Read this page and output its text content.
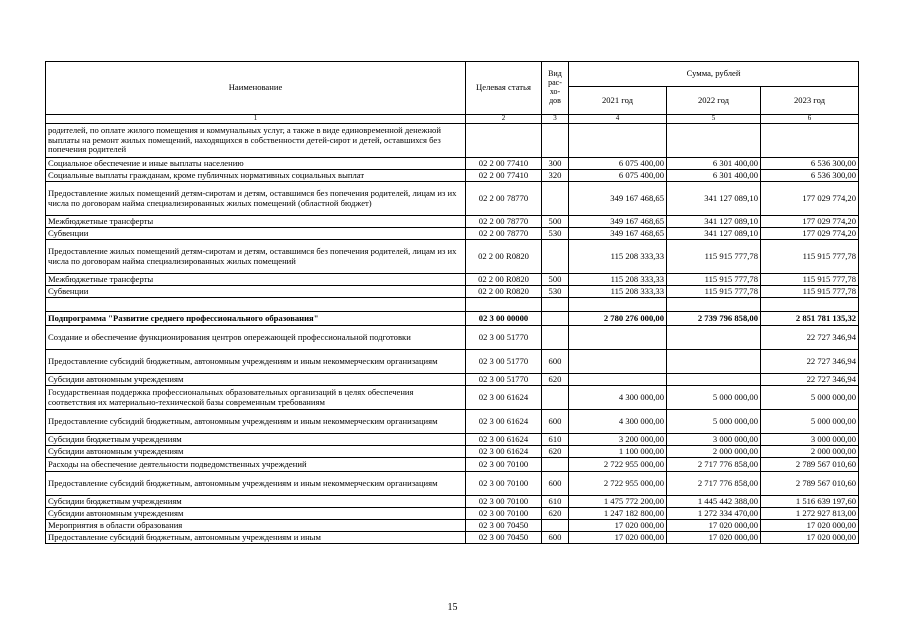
Наименование	Целевая статья	Вид рас-хо-дов	Сумма, рублей		
			2021 год	2022 год	2023 год
1	2	3	4	5	6
родителей, по оплате жилого помещения и коммунальных услуг, а также в виде единовременной денежной выплаты на ремонт жилых помещений, находящихся в собственности детей-сирот и детей, оставшихся без попечения родителей					
Социальное обеспечение и иные выплаты населению	02 2 00 77410	300	6 075 400,00	6 301 400,00	6 536 300,00
Социальные выплаты гражданам, кроме публичных нормативных социальных выплат	02 2 00 77410	320	6 075 400,00	6 301 400,00	6 536 300,00
Предоставление жилых помещений детям-сиротам и детям, оставшимся без попечения родителей, лицам из их числа по договорам найма специализированных жилых помещений (областной бюджет)	02 2 00 78770		349 167 468,65	341 127 089,10	177 029 774,20
Межбюджетные трансферты	02 2 00 78770	500	349 167 468,65	341 127 089,10	177 029 774,20
Субвенции	02 2 00 78770	530	349 167 468,65	341 127 089,10	177 029 774,20
Предоставление жилых помещений детям-сиротам и детям, оставшимся без попечения родителей, лицам из их числа по договорам найма специализированных жилых помещений	02 2 00 R0820		115 208 333,33	115 915 777,78	115 915 777,78
Межбюджетные трансферты	02 2 00 R0820	500	115 208 333,33	115 915 777,78	115 915 777,78
Субвенции	02 2 00 R0820	530	115 208 333,33	115 915 777,78	115 915 777,78

Подпрограмма "Развитие среднего профессионального образования"	02 3 00 00000		2 780 276 000,00	2 739 796 858,00	2 851 781 135,32
Создание и обеспечение функционирования центров опережающей профессиональной подготовки	02 3 00 51770				22 727 346,94
Предоставление субсидий бюджетным, автономным учреждениям и иным некоммерческим организациям	02 3 00 51770	600			22 727 346,94
Субсидии автономным учреждениям	02 3 00 51770	620			22 727 346,94
Государственная поддержка профессиональных образовательных организаций в целях обеспечения соответствия их материально-технической базы современным требованиям	02 3 00 61624		4 300 000,00	5 000 000,00	5 000 000,00
Предоставление субсидий бюджетным, автономным учреждениям и иным некоммерческим организациям	02 3 00 61624	600	4 300 000,00	5 000 000,00	5 000 000,00
Субсидии бюджетным учреждениям	02 3 00 61624	610	3 200 000,00	3 000 000,00	3 000 000,00
Субсидии автономным учреждениям	02 3 00 61624	620	1 100 000,00	2 000 000,00	2 000 000,00
Расходы на обеспечение деятельности подведомственных учреждений	02 3 00 70100		2 722 955 000,00	2 717 776 858,00	2 789 567 010,60
Предоставление субсидий бюджетным, автономным учреждениям и иным некоммерческим организациям	02 3 00 70100	600	2 722 955 000,00	2 717 776 858,00	2 789 567 010,60
Субсидии бюджетным учреждениям	02 3 00 70100	610	1 475 772 200,00	1 445 442 388,00	1 516 639 197,60
Субсидии автономным учреждениям	02 3 00 70100	620	1 247 182 800,00	1 272 334 470,00	1 272 927 813,00
Мероприятия в области образования	02 3 00 70450		17 020 000,00	17 020 000,00	17 020 000,00
Предоставление субсидий бюджетным, автономным учреждениям и иным	02 3 00 70450	600	17 020 000,00	17 020 000,00	17 020 000,00
15
